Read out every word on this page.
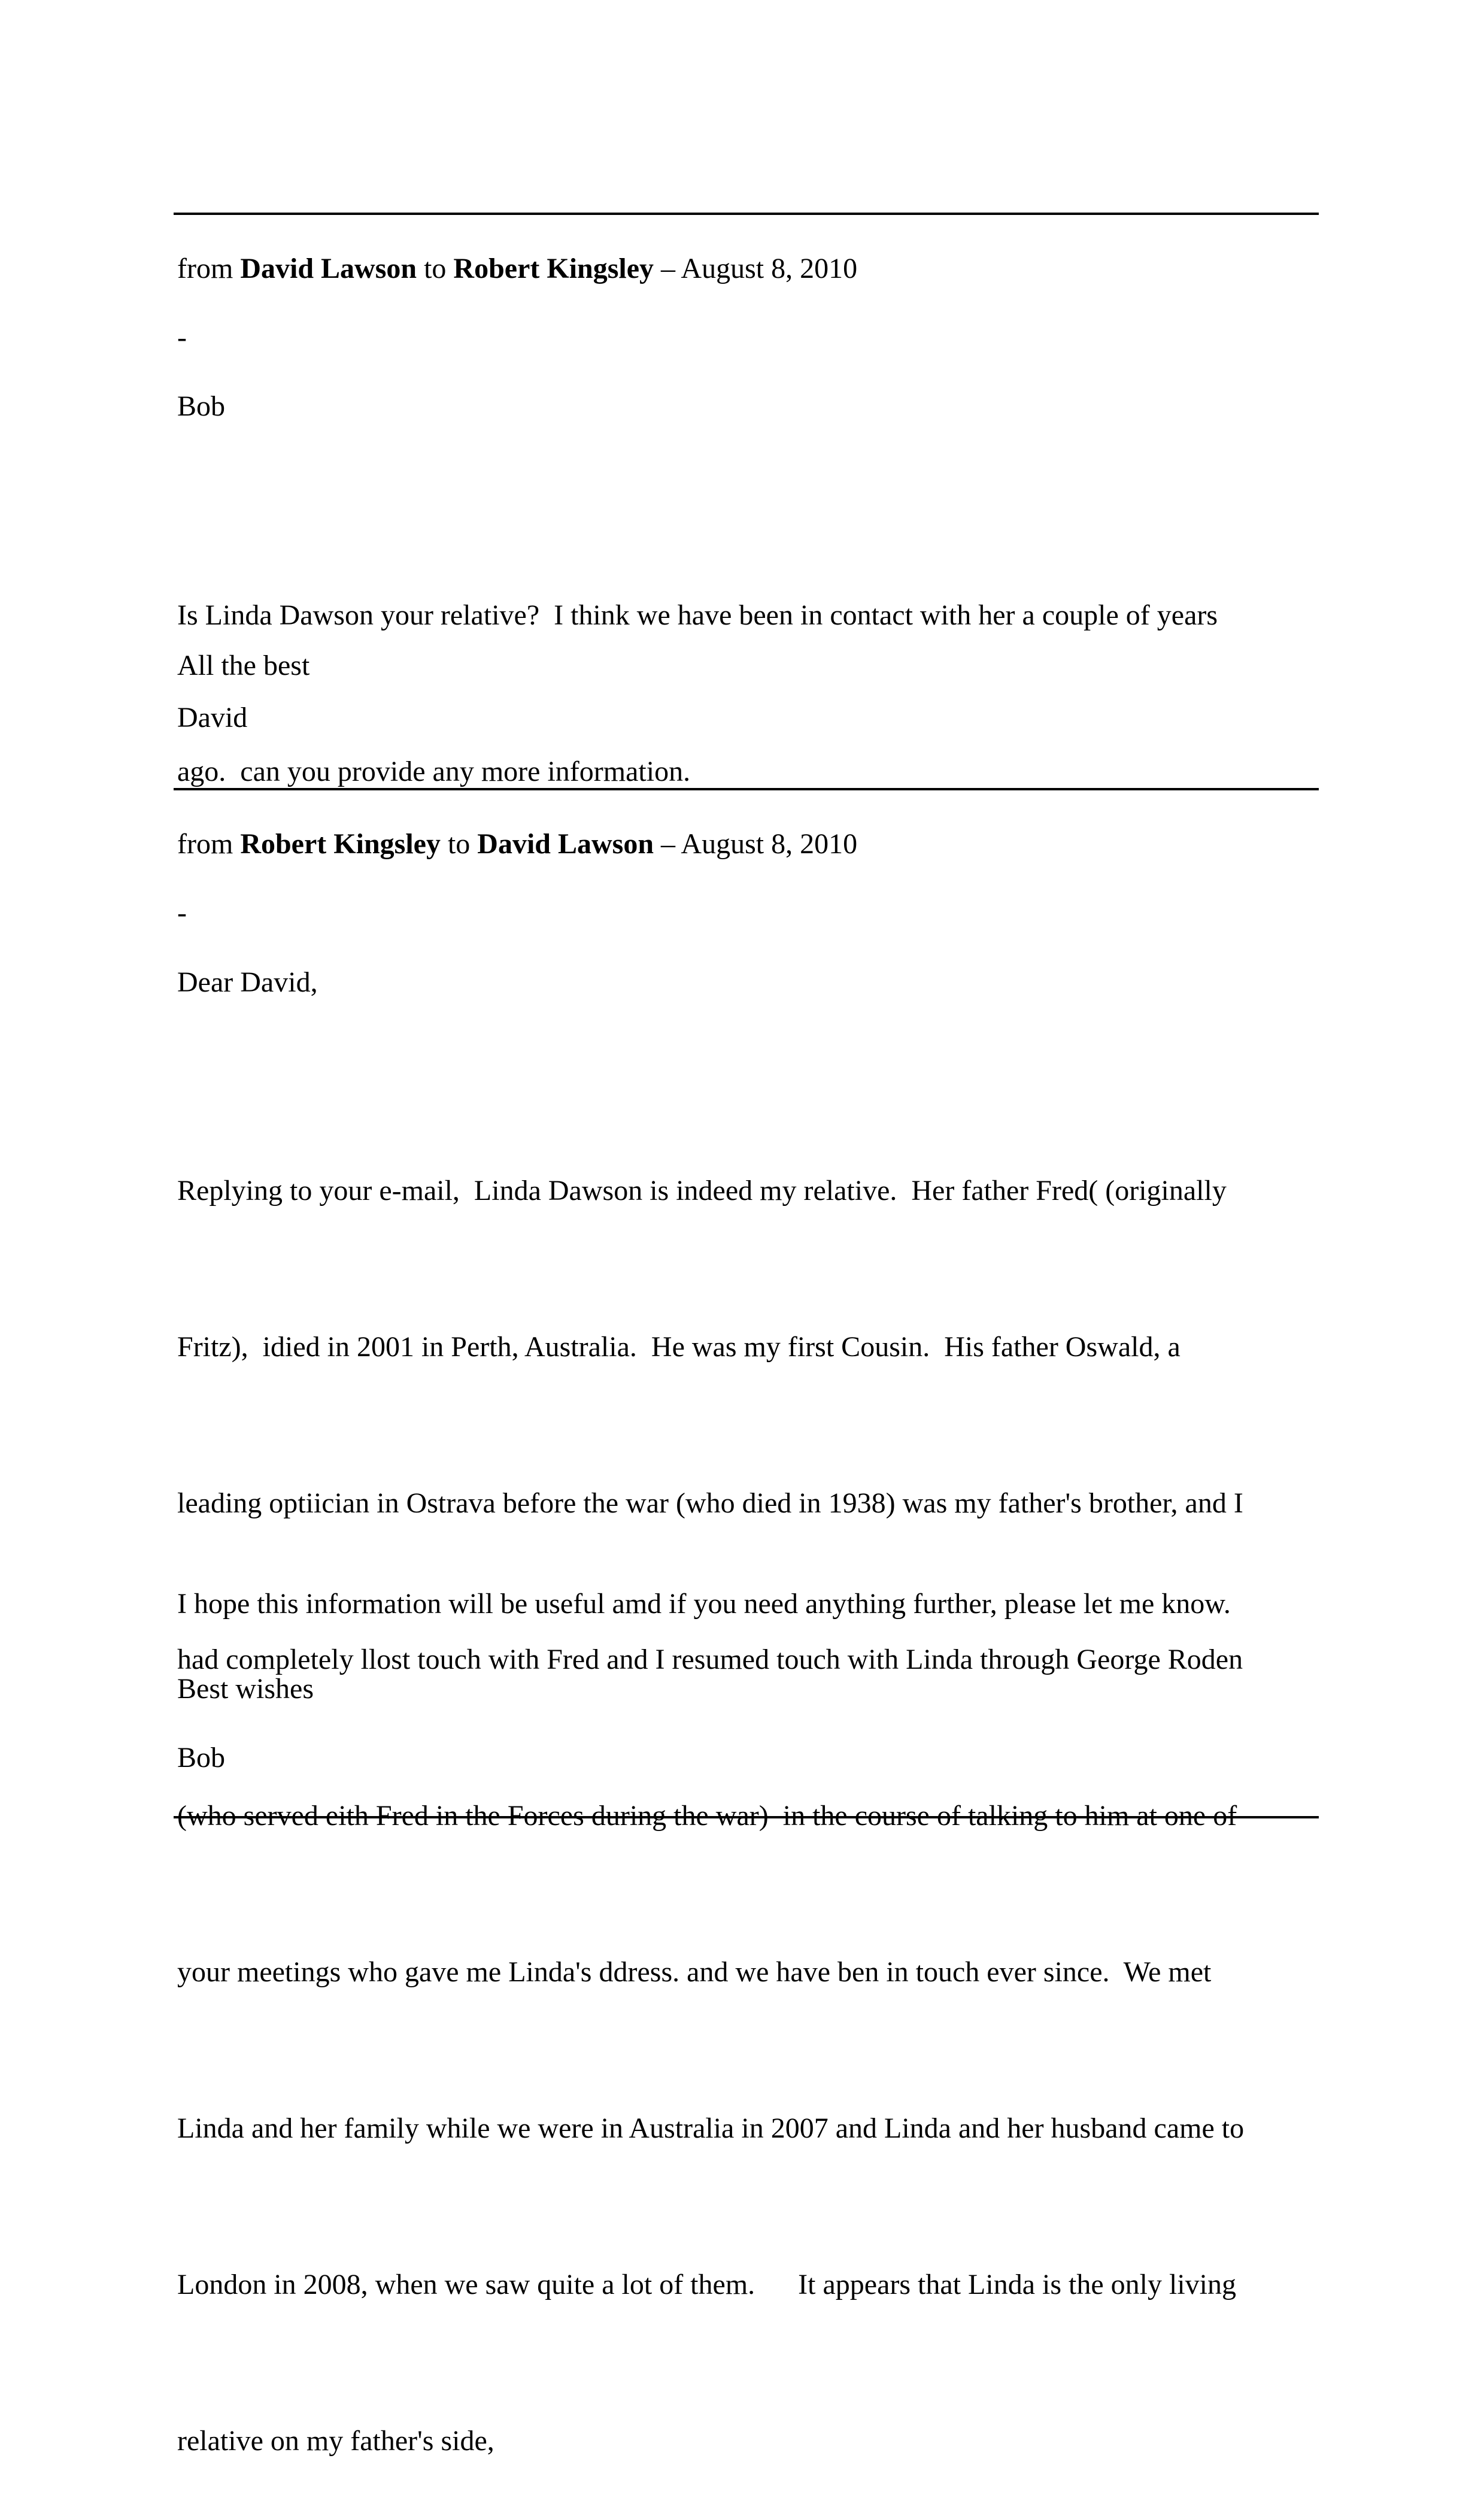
from David Lawson to Robert Kingsley – August 8, 2010
-
Bob

Is Linda Dawson your relative?  I think we have been in contact with her a couple of years

ago.  can you provide any more information.

All the best
David
from Robert Kingsley to David Lawson – August 8, 2010
-
Dear David,

Replying to your e-mail,  Linda Dawson is indeed my relative.  Her father Fred( (originally

Fritz),  idied in 2001 in Perth, Australia.  He was my first Cousin.  His father Oswald, a

leading optiician in Ostrava before the war (who died in 1938) was my father's brother, and I

had completely llost touch with Fred and I resumed touch with Linda through George Roden

(who served eith Fred in the Forces during the war)  in the course of talking to him at one of

your meetings who gave me Linda's ddress. and we have ben in touch ever since.  We met

Linda and her family while we were in Australia in 2007 and Linda and her husband came to

London in 2008, when we saw quite a lot of them.      It appears that Linda is the only living

relative on my father's side,

I hope this information will be useful amd if you need anything further, please let me know.
Best wishes
Bob
